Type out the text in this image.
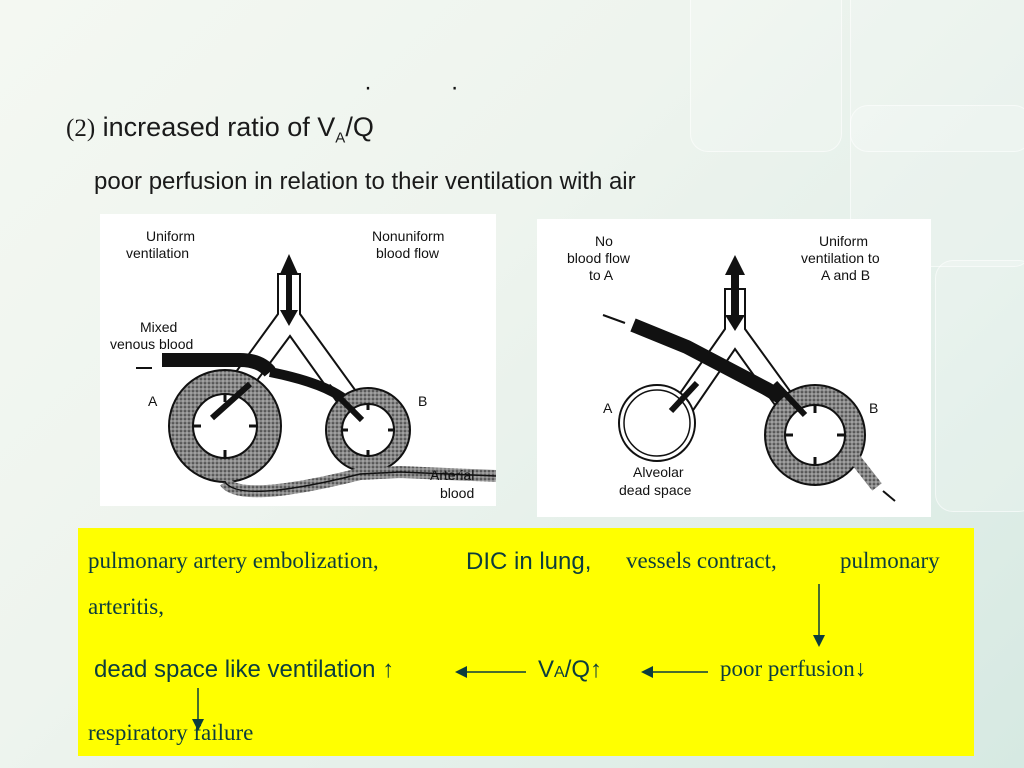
· ·
(2) increased ratio of $V_A/Q$
poor perfusion in relation to their ventilation with air
Uniform
ventilation
Nonuniform
blood flow
Mixed
venous blood
A	B
Arterial
blood
No
blood flow
to A
Uniform
ventilation to
A and B
A	B
Alveolar
dead space
pulmonary artery embolization,	DIC in lung, vessels contract,	pulmonary
arteritis,
dead space like ventilation ↑	VA/Q↑	poor perfusion↓
respiratory failure
